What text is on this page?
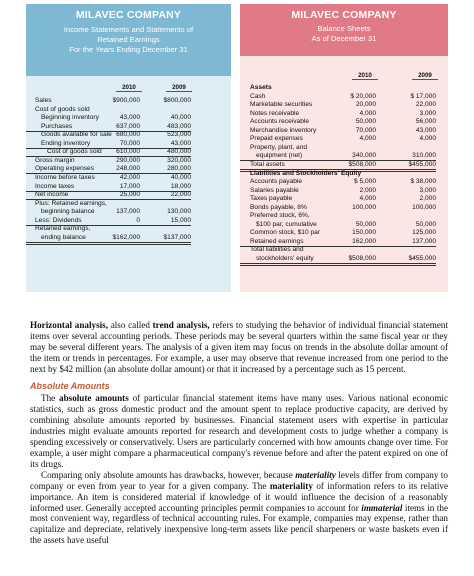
MILAVEC COMPANY
Income Statements and Statements of
Retained Earnings
For the Years Ending December 31
2010	2009
Sales	$900,000	$800,000
Cost of goods sold
Beginning inventory	43,000	40,000
Purchases	637,000	483,000
Goods available for sale 680,000	523,000
Ending inventory	70,000	43,000
Cost of goods sold	610,000	480,000
Gross margin	290,000	320,000
Operating expenses	248,000	280,000
Income before taxes	42,000	40,000
Income taxes	17,000	18,000
Net income	25,000	22,000
Plus: Retained earnings,
beginning balance	137,000	130,000
Less: Dividends	0	15,000
Retained earnings,
ending balance	$162,000	$137,000
MILAVEC COMPANY
Balance Sheets
As of December 31
2010	2009
Assets
Cash	$ 20,000	$ 17,000
Marketable securities	20,000	22,000
Notes receivable	4,000	3,000
Accounts receivable	50,000	56,000
Merchandise inventory	70,000	43,000
Prepaid expenses	4,000	4,000
Property, plant, and
equipment (net)	340,000	310,000
Total assets	$508,000	$455,000
Liabilities and Stockholders' Equity
Accounts payable	$ 5,000	$ 38,000
Salaries payable	2,000	3,000
Taxes payable	4,000	2,000
Bonds payable, 8%	100,000	100,000
Preferred stock, 6%,
$100 par, cumulative	50,000	50,000
Common stock, $10 par	150,000	125,000
Retained earnings	162,000	137,000
Total liabilities and
stockholders' equity	$508,000	$455,000

Horizontal analysis, also called trend analysis, refers to studying the behavior of individual financial statement items over several accounting periods. These periods may be several quarters within the same fiscal year or they may be several different years. The analysis of a given item may focus on trends in the absolute dollar amount of the item or trends in percentages. For example, a user may observe that revenue increased from one period to the next by $42 million (an absolute dollar amount) or that it increased by a percentage such as 15 percent.

Absolute Amounts

The absolute amounts of particular financial statement items have many uses. Various national economic statistics, such as gross domestic product and the amount spent to replace productive capacity, are derived by combining absolute amounts reported by businesses. Financial statement users with expertise in particular industries might evaluate amounts reported for research and development costs to judge whether a company is spending excessively or conservatively. Users are particularly concerned with how amounts change over time. For example, a user might compare a pharmaceutical company's revenue before and after the patent expired on one of its drugs.

Comparing only absolute amounts has drawbacks, however, because materiality levels differ from company to company or even from year to year for a given company. The materiality of information refers to its relative importance. An item is considered material if knowledge of it would influence the decision of a reasonably informed user. Generally accepted accounting principles permit companies to account for immaterial items in the most convenient way, regardless of technical accounting rules. For example, companies may expense, rather than capitalize and depreciate, relatively inexpensive long-term assets like pencil sharpeners or waste baskets even if the assets have useful
